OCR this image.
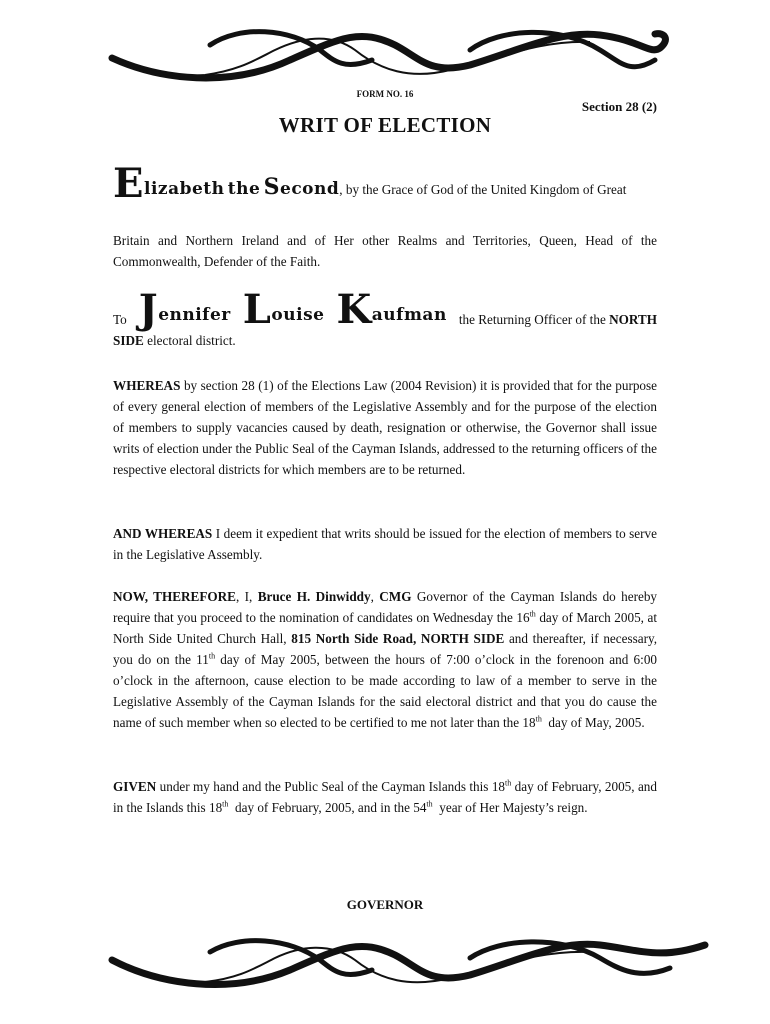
FORM NO. 16
Section 28 (2)
WRIT OF ELECTION
Elizabeth the Second, by the Grace of God of the United Kingdom of Great
Britain and Northern Ireland and of Her other Realms and Territories, Queen, Head of the Commonwealth, Defender of the Faith.
To Jennifer Louise Kaufman the Returning Officer of the NORTH
SIDE electoral district.
WHEREAS by section 28 (1) of the Elections Law (2004 Revision) it is provided that for the purpose of every general election of members of the Legislative Assembly and for the purpose of the election of members to supply vacancies caused by death, resignation or otherwise, the Governor shall issue writs of election under the Public Seal of the Cayman Islands, addressed to the returning officers of the respective electoral districts for which members are to be returned.
AND WHEREAS I deem it expedient that writs should be issued for the election of members to serve in the Legislative Assembly.
NOW, THEREFORE, I, Bruce H. Dinwiddy, CMG Governor of the Cayman Islands do hereby require that you proceed to the nomination of candidates on Wednesday the 16th day of March 2005, at North Side United Church Hall, 815 North Side Road, NORTH SIDE and thereafter, if necessary, you do on the 11th day of May 2005, between the hours of 7:00 o’clock in the forenoon and 6:00 o’clock in the afternoon, cause election to be made according to law of a member to serve in the Legislative Assembly of the Cayman Islands for the said electoral district and that you do cause the name of such member when so elected to be certified to me not later than the 18th day of May, 2005.
GIVEN under my hand and the Public Seal of the Cayman Islands this 18th day of February, 2005, and in the Islands this 18th day of February, 2005, and in the 54th year of Her Majesty’s reign.
GOVERNOR
